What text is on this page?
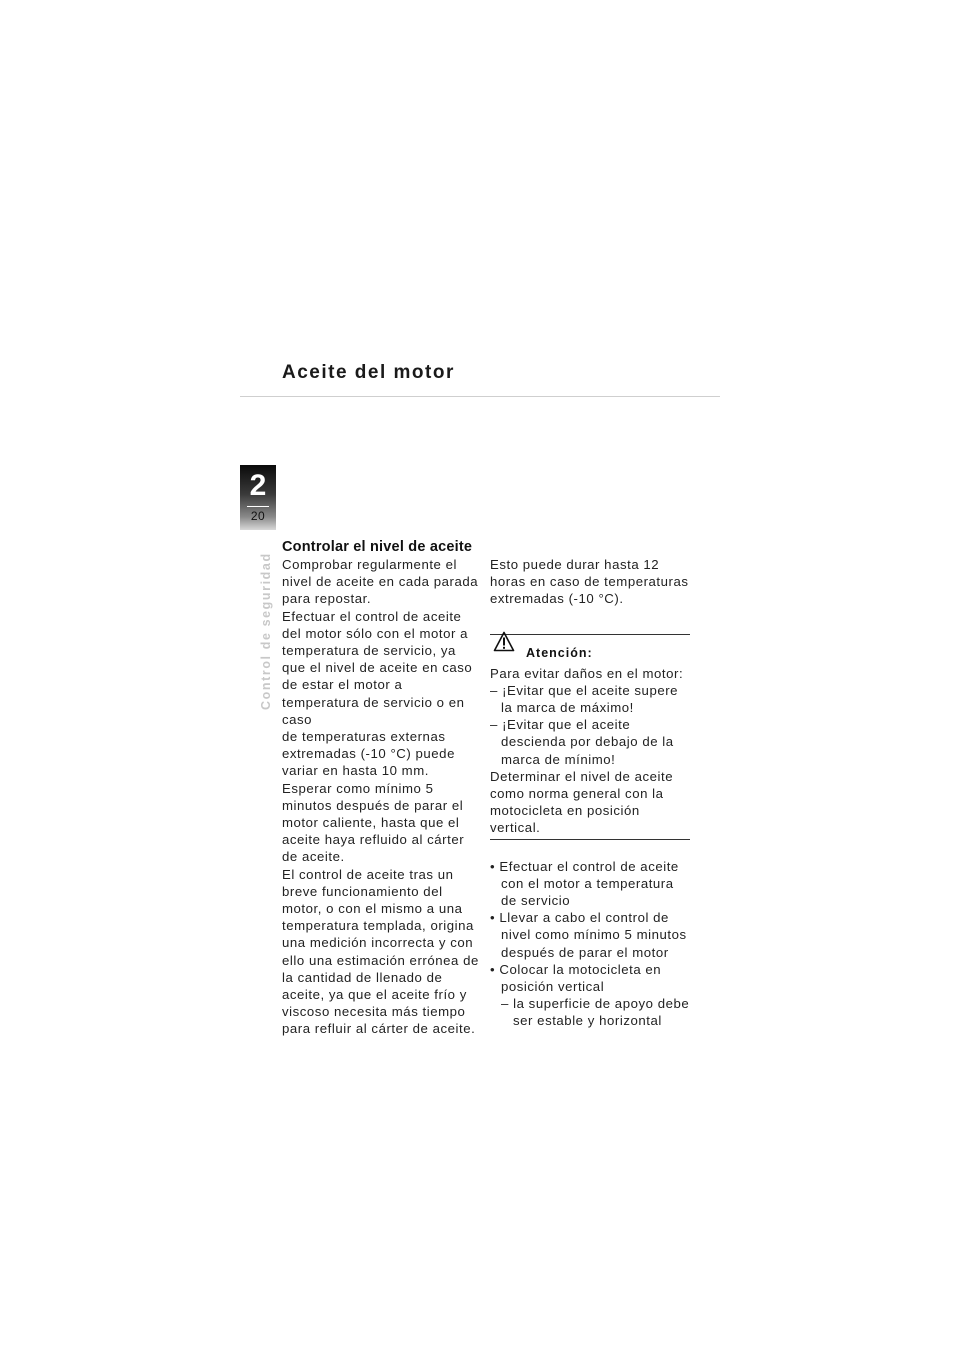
Aceite del motor
2
20
Control de seguridad
Controlar el nivel de aceite

Comprobar regularmente el nivel de aceite en cada parada para repostar.

Efectuar el control de aceite del motor sólo con el motor a temperatura de servicio, ya que el nivel de aceite en caso de estar el motor a temperatura de servicio o en caso

de temperaturas externas extremadas (-10 °C) puede variar en hasta 10 mm.

Esperar como mínimo 5 minutos después de parar el motor caliente, hasta que el aceite haya refluido al cárter de aceite.

El control de aceite tras un breve funcionamiento del motor, o con el mismo a una temperatura templada, origina una medición incorrecta y con ello una estimación errónea de la cantidad de llenado de aceite, ya que el aceite frío y viscoso necesita más tiempo para refluir al cárter de aceite.

Esto puede durar hasta 12 horas en caso de temperaturas extremadas (-10 °C).

Atención:

Para evitar daños en el motor:

– ¡Evitar que el aceite supere la marca de máximo!

– ¡Evitar que el aceite descienda por debajo de la marca de mínimo!

Determinar el nivel de aceite como norma general con la motocicleta en posición vertical.

• Efectuar el control de aceite con el motor a temperatura de servicio

• Llevar a cabo el control de nivel como mínimo 5 minutos después de parar el motor

• Colocar la motocicleta en posición vertical

– la superficie de apoyo debe ser estable y horizontal
